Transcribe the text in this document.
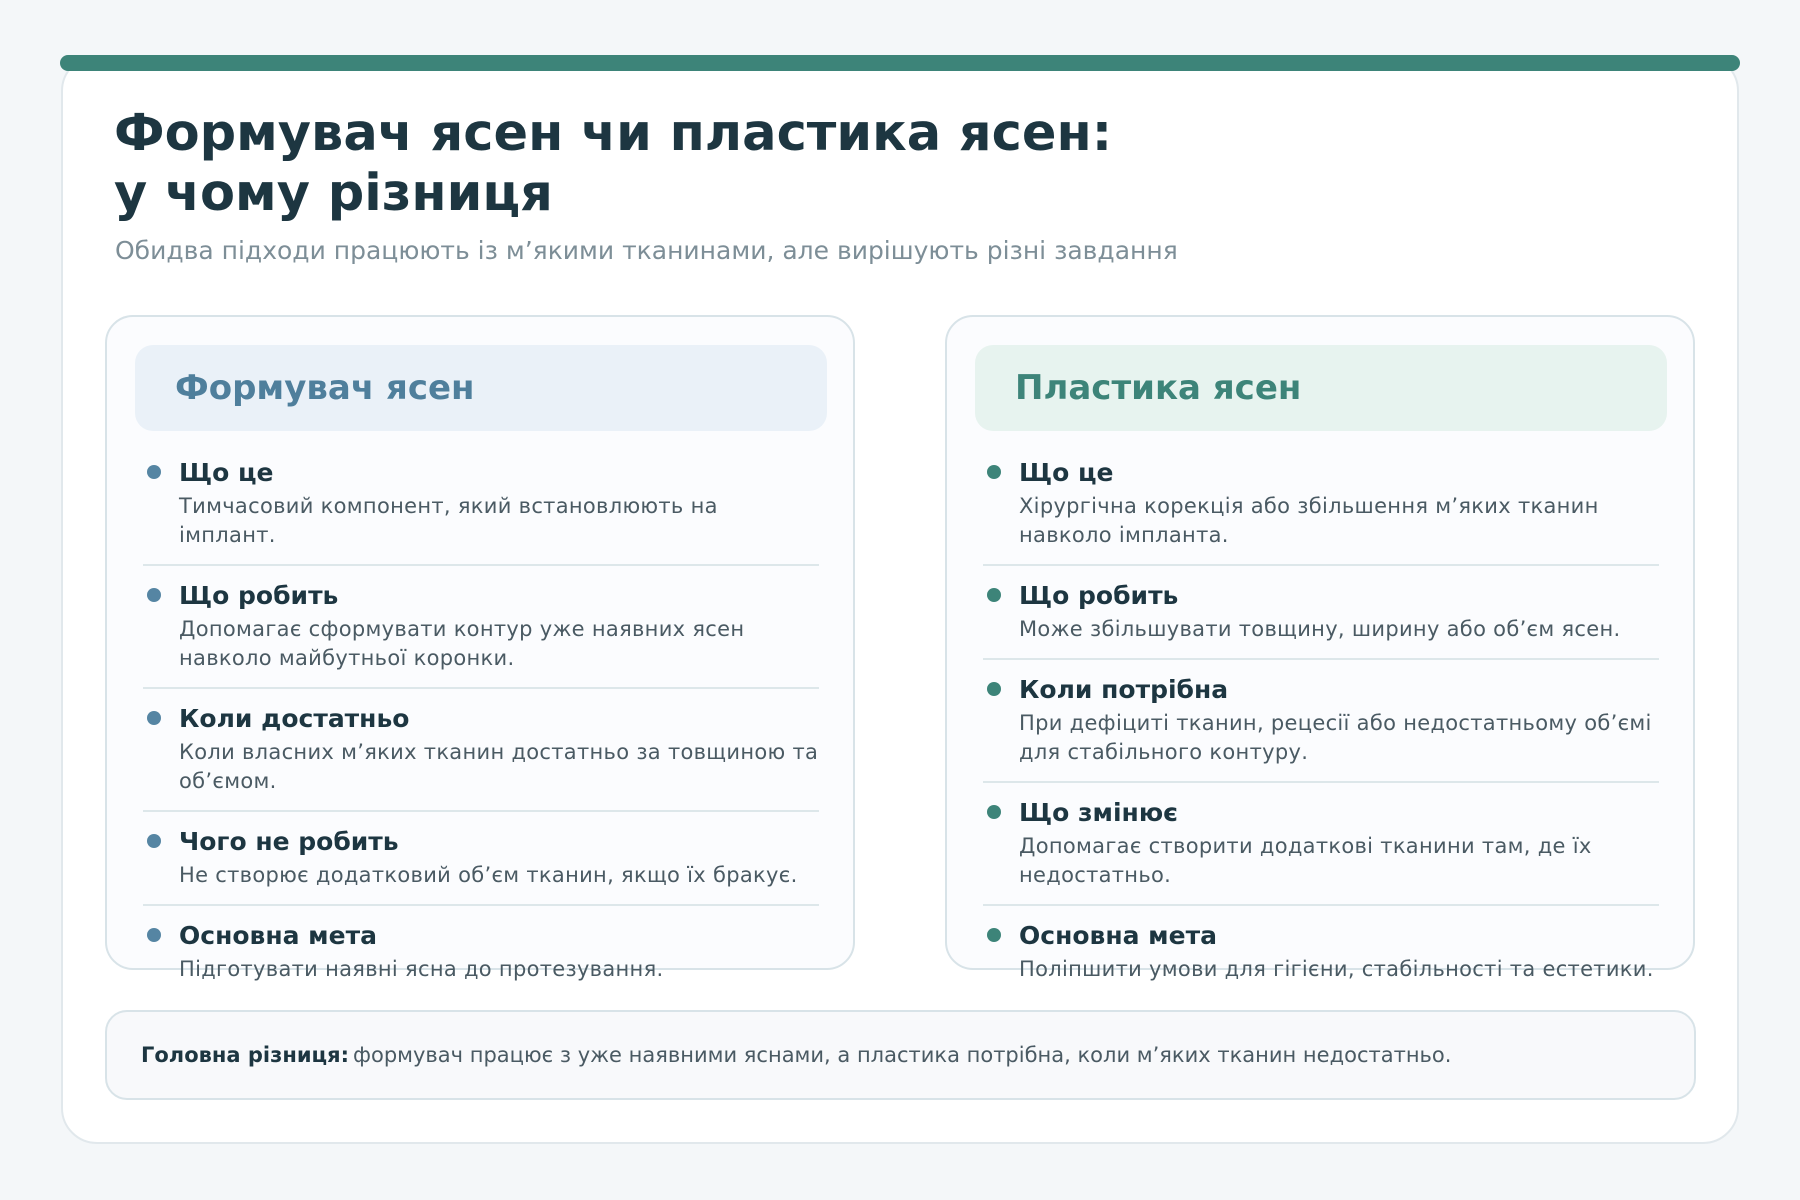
Формувач ясен чи пластика ясен:
у чому різниця
Обидва підходи працюють із м’якими тканинами, але вирішують різні завдання
Формувач ясен
Що це
Тимчасовий компонент, який встановлюють на імплант.
Що робить
Допомагає сформувати контур уже наявних ясен навколо майбутньої коронки.
Коли достатньо
Коли власних м’яких тканин достатньо за товщиною та об’ємом.
Чого не робить
Не створює додатковий об’єм тканин, якщо їх бракує.
Основна мета
Підготувати наявні ясна до протезування.
Пластика ясен
Що це
Хірургічна корекція або збільшення м’яких тканин навколо імпланта.
Що робить
Може збільшувати товщину, ширину або об’єм ясен.
Коли потрібна
При дефіциті тканин, рецесії або недостатньому об’ємі для стабільного контуру.
Що змінює
Допомагає створити додаткові тканини там, де їх недостатньо.
Основна мета
Поліпшити умови для гігієни, стабільності та естетики.
Головна різниця: формувач працює з уже наявними яснами, а пластика потрібна, коли м’яких тканин недостатньо.
